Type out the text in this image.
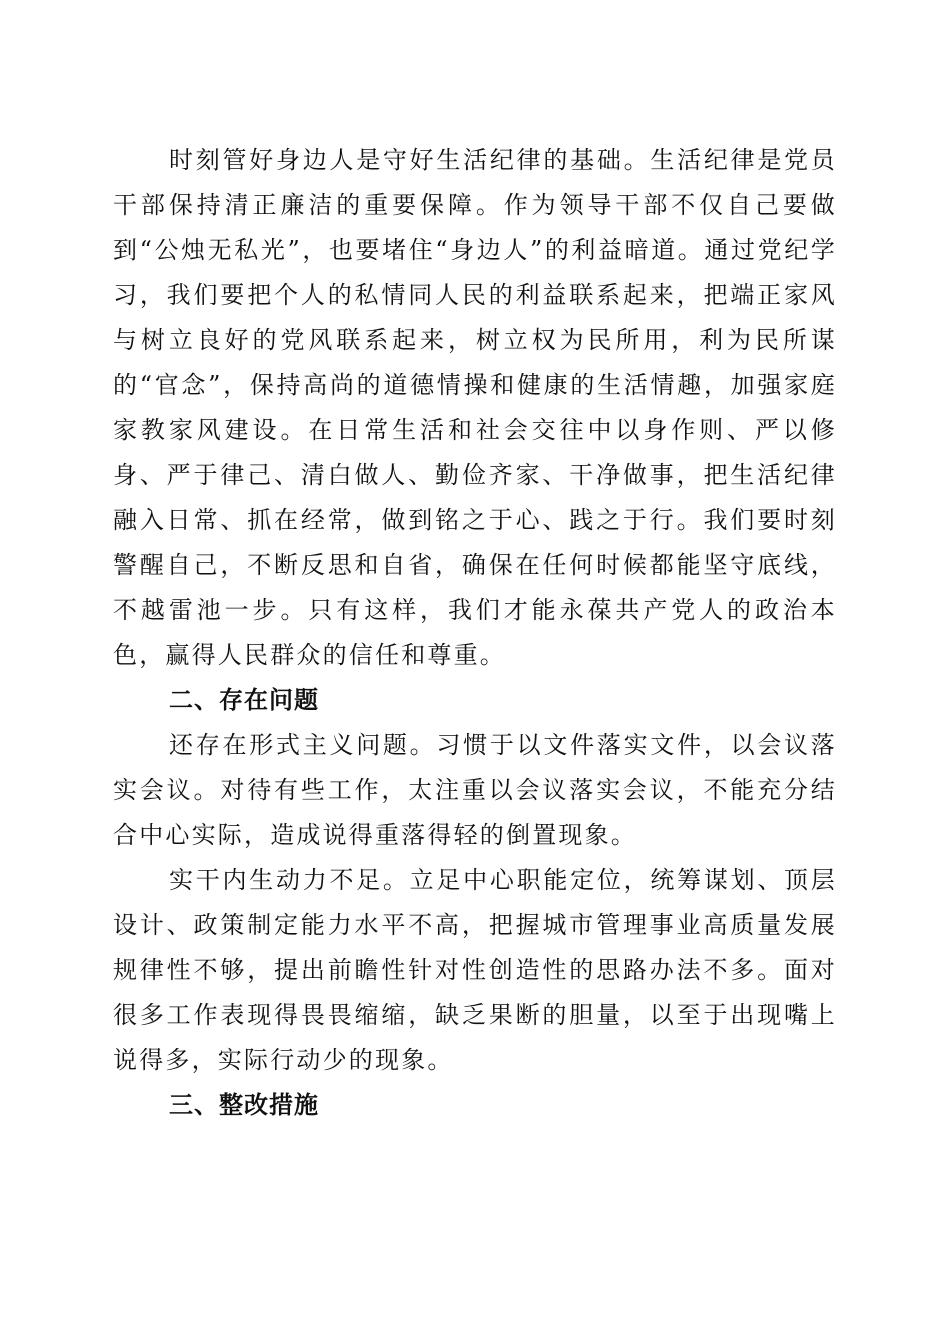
时刻管好身边人是守好生活纪律的基础。生活纪律是党员干部保持清正廉洁的重要保障。作为领导干部不仅自己要做到“公烛无私光”，也要堵住“身边人”的利益暗道。通过党纪学习，我们要把个人的私情同人民的利益联系起来，把端正家风与树立良好的党风联系起来，树立权为民所用，利为民所谋的“官念”，保持高尚的道德情操和健康的生活情趣，加强家庭家教家风建设。在日常生活和社会交往中以身作则、严以修身、严于律己、清白做人、勤俭齐家、干净做事，把生活纪律融入日常、抓在经常，做到铭之于心、践之于行。我们要时刻警醒自己，不断反思和自省，确保在任何时候都能坚守底线，不越雷池一步。只有这样，我们才能永葆共产党人的政治本色，赢得人民群众的信任和尊重。

二、存在问题

还存在形式主义问题。习惯于以文件落实文件，以会议落实会议。对待有些工作，太注重以会议落实会议，不能充分结合中心实际，造成说得重落得轻的倒置现象。

实干内生动力不足。立足中心职能定位，统筹谋划、顶层设计、政策制定能力水平不高，把握城市管理事业高质量发展规律性不够，提出前瞻性针对性创造性的思路办法不多。面对很多工作表现得畏畏缩缩，缺乏果断的胆量，以至于出现嘴上说得多，实际行动少的现象。

三、整改措施
